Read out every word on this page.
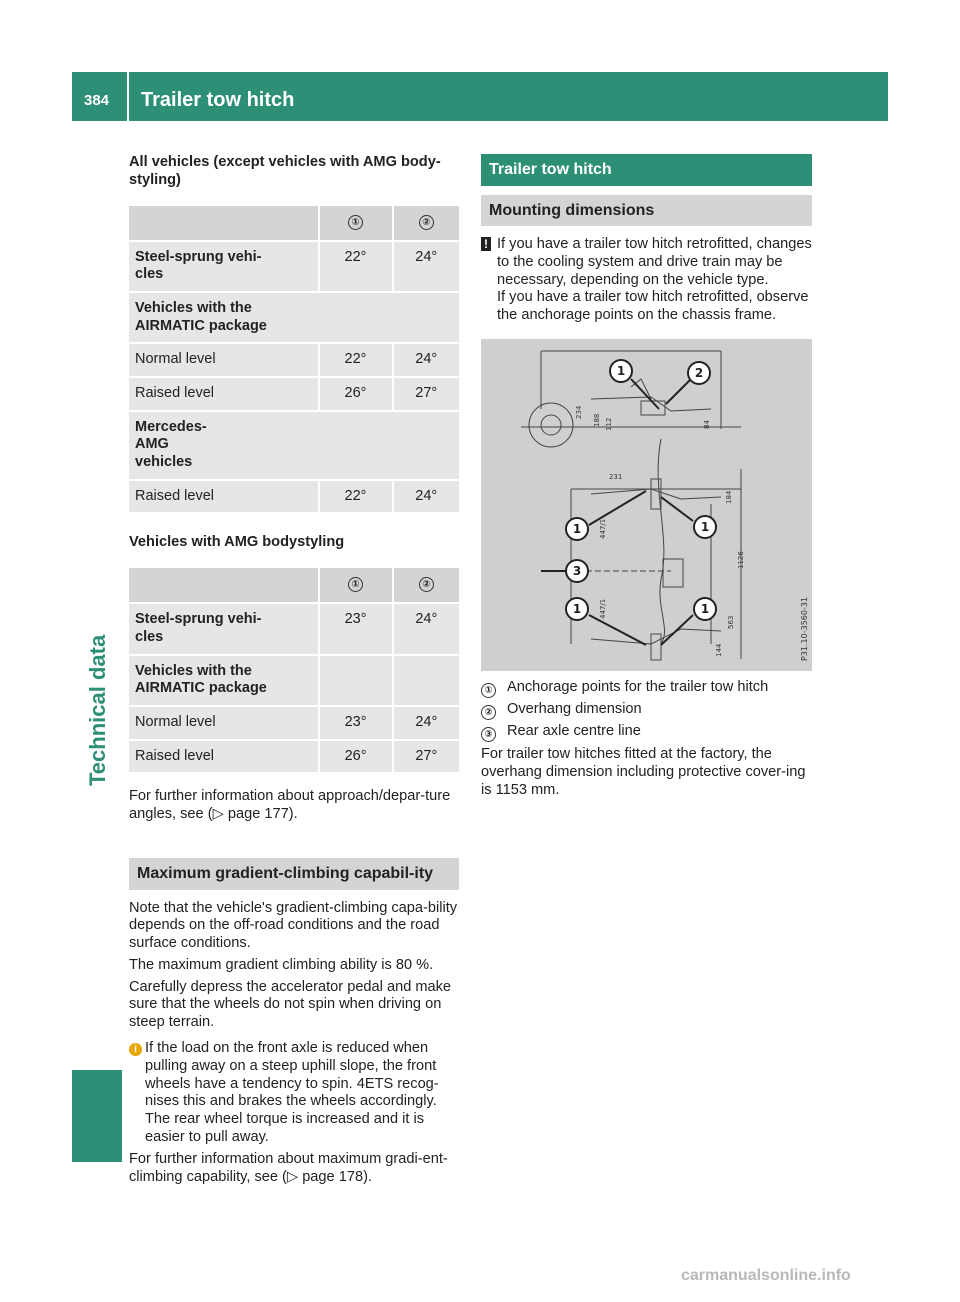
384 Trailer tow hitch
Technical data

All vehicles (except vehicles with AMG body-styling)

	①	②
Steel-sprung vehi-cles	22°	24°
Vehicles with the AIRMATIC package		
Normal level	22°	24°
Raised level	26°	27°
Mercedes-AMG vehicles		
Raised level	22°	24°

Vehicles with AMG bodystyling

	①	②
Steel-sprung vehi-cles	23°	24°
Vehicles with the AIRMATIC package		
Normal level	23°	24°
Raised level	26°	27°

For further information about approach/depar-ture angles, see (▷ page 177).

Maximum gradient-climbing capabil-ity

Note that the vehicle's gradient-climbing capa-bility depends on the off-road conditions and the road surface conditions.

The maximum gradient climbing ability is 80 %.

Carefully depress the accelerator pedal and make sure that the wheels do not spin when driving on steep terrain.

i If the load on the front axle is reduced when pulling away on a steep uphill slope, the front wheels have a tendency to spin. 4ETS recog-nises this and brakes the wheels accordingly. The rear wheel torque is increased and it is easier to pull away.

For further information about maximum gradi-ent-climbing capability, see (▷ page 178).

Trailer tow hitch
Mounting dimensions
! If you have a trailer tow hitch retrofitted, changes to the cooling system and drive train may be necessary, depending on the vehicle type.
If you have a trailer tow hitch retrofitted, observe the anchorage points on the chassis frame.
234
188 112	84
231
184
447/1
1126
447/1
563
144	P31.10-3560-31
1	2
1	1
3
1	1
① Anchorage points for the trailer tow hitch
② Overhang dimension
③ Rear axle centre line

For trailer tow hitches fitted at the factory, the overhang dimension including protective cover-ing is 1153 mm.

carmanualsonline.info
